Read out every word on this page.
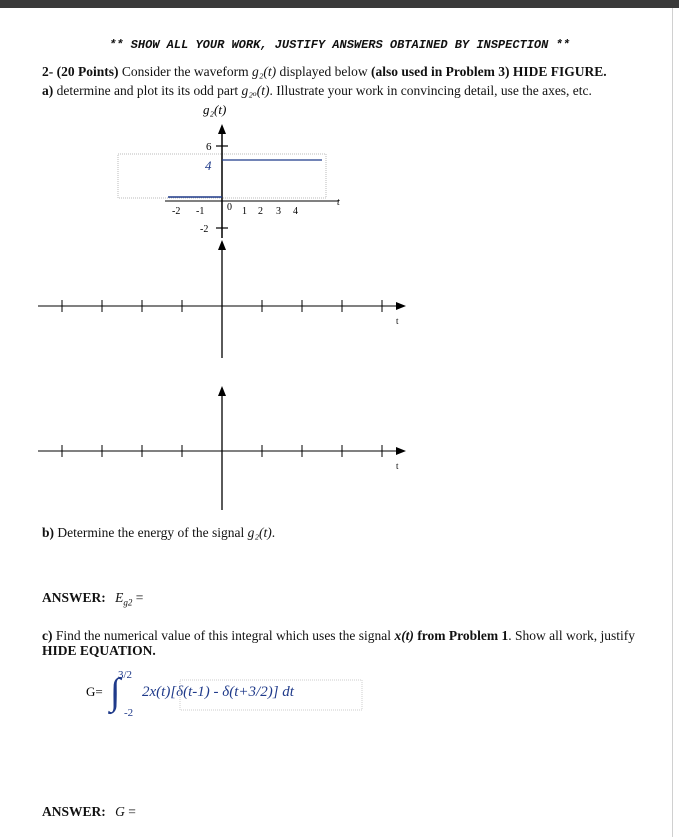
** SHOW ALL YOUR WORK, JUSTIFY ANSWERS OBTAINED BY INSPECTION **
2- (20 Points) Consider the waveform g₂(t) displayed below (also used in Problem 3) HIDE FIGURE.
a) determine and plot its its odd part g₂ₒ(t). Illustrate your work in convincing detail, use the axes, etc.
g₂(t)
6
-2
t
4
-2 -1 0 1 2 3 4
t
t
G= ∫
3/2
-2
2x(t)[δ(t-1) - δ(t+3/2)] dt
b) Determine the energy of the signal g₂(t).
ANSWER: $E_{g2}$ =
c) Find the numerical value of this integral which uses the signal x(t) from Problem 1. Show all work, justify
HIDE EQUATION.
ANSWER: G =
